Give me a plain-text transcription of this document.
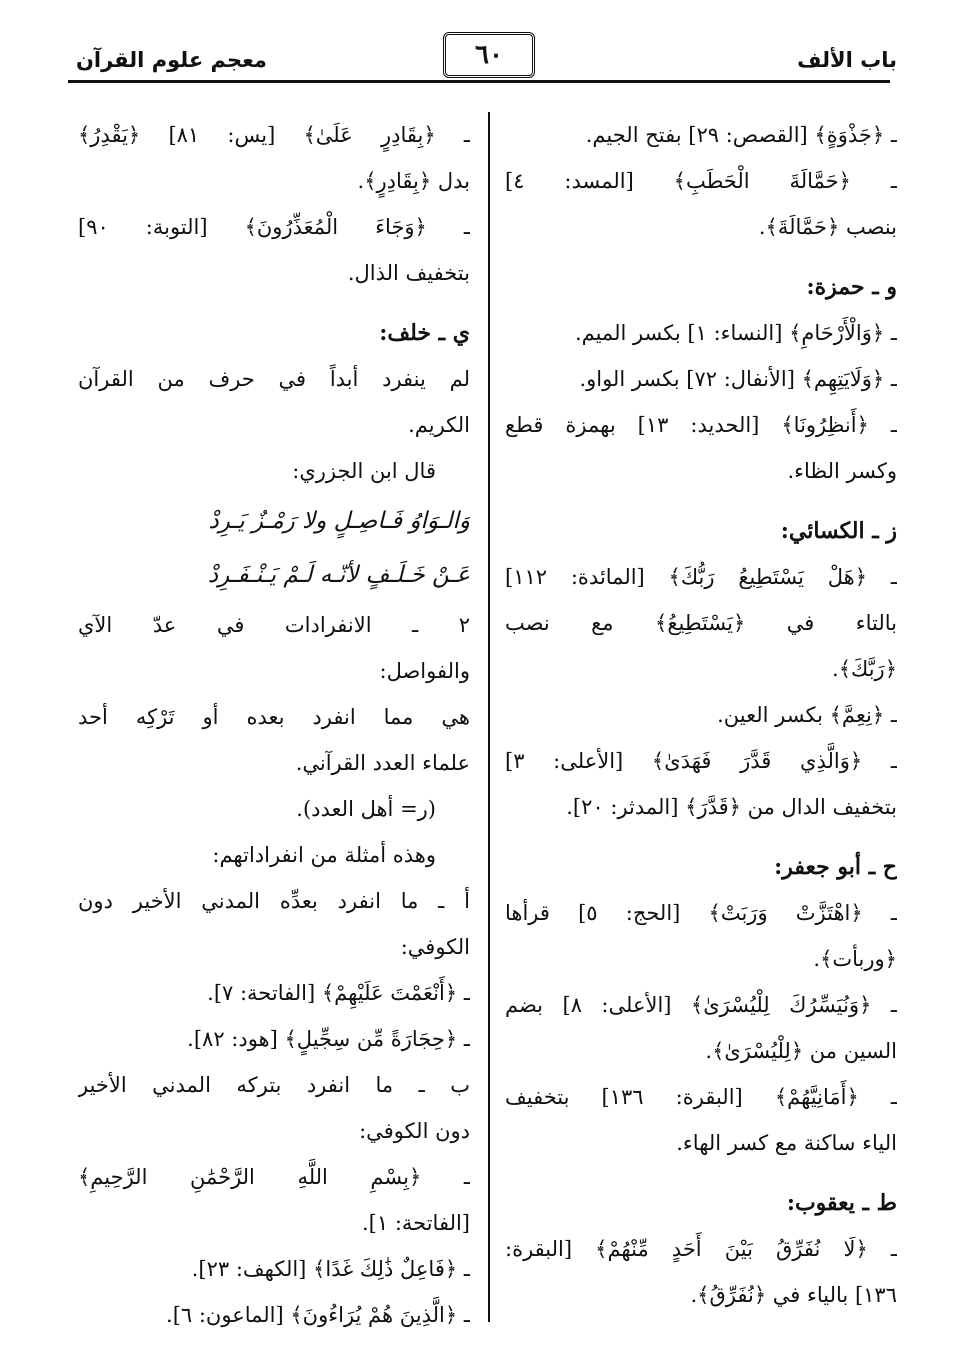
باب الألف
٦٠
معجم علوم القرآن
ـ ﴿جَذْوَةٍ﴾ [القصص: ٢٩] بفتح الجيم.
ـ ﴿حَمَّالَةَ الْحَطَبِ﴾ [المسد: ٤]
بنصب ﴿حَمَّالَةَ﴾.
و ـ حمزة:
ـ ﴿وَالْأَرْحَامِ﴾ [النساء: ١] بكسر الميم.
ـ ﴿وَلَايَتِهِم﴾ [الأنفال: ٧٢] بكسر الواو.
ـ ﴿أَنظِرُونَا﴾ [الحديد: ١٣] بهمزة قطع
وكسر الظاء.
ز ـ الكسائي:
ـ ﴿هَلْ يَسْتَطِيعُ رَبُّكَ﴾ [المائدة: ١١٢]
بالتاء في ﴿يَسْتَطِيعُ﴾ مع نصب
﴿رَبَّكَ﴾.
ـ ﴿نِعِمَّ﴾ بكسر العين.
ـ ﴿وَالَّذِي قَدَّرَ فَهَدَىٰ﴾ [الأعلى: ٣]
بتخفيف الدال من ﴿قَدَّرَ﴾ [المدثر: ٢٠].
ح ـ أبو جعفر:
ـ ﴿اهْتَزَّتْ وَرَبَتْ﴾ [الحج: ٥] قرأها
﴿وربأت﴾.
ـ ﴿وَنُيَسِّرُكَ لِلْيُسْرَىٰ﴾ [الأعلى: ٨] بضم
السين من ﴿لِلْيُسْرَىٰ﴾.
ـ ﴿أَمَانِيَّهُمْ﴾ [البقرة: ١٣٦] بتخفيف
الياء ساكنة مع كسر الهاء.
ط ـ يعقوب:
ـ ﴿لَا نُفَرِّقُ بَيْنَ أَحَدٍ مِّنْهُمْ﴾ [البقرة:
١٣٦] بالياء في ﴿نُفَرِّقُ﴾.
ـ ﴿بِقَادِرٍ عَلَىٰ﴾ [يس: ٨١] ﴿يَقْدِرُ﴾
بدل ﴿بِقَادِرٍ﴾.
ـ ﴿وَجَاءَ الْمُعَذِّرُونَ﴾ [التوبة: ٩٠]
بتخفيف الذال.
ي ـ خلف:
لم ينفرد أبداً في حرف من القرآن
الكريم.
قال ابن الجزري:
وَالـوَاوُ فَـاصِـلٍ ولا رَمْـزٌ يَـرِدْ
عَـنْ خَـلَـفٍ لأنّـه لَـمْ يَـنْـفَـرِدْ
٢ ـ الانفرادات في عدّ الآي
والفواصل:
هي مما انفرد بعده أو تَرْكِه أحد
علماء العدد القرآني.
(ر= أهل العدد).
وهذه أمثلة من انفراداتهم:
أ ـ ما انفرد بعدِّه المدني الأخير دون
الكوفي:
ـ ﴿أَنْعَمْتَ عَلَيْهِمْ﴾ [الفاتحة: ٧].
ـ ﴿حِجَارَةً مِّن سِجِّيلٍ﴾ [هود: ٨٢].
ب ـ ما انفرد بتركه المدني الأخير
دون الكوفي:
ـ ﴿بِسْمِ اللَّهِ الرَّحْمَٰنِ الرَّحِيمِ﴾
[الفاتحة: ١].
ـ ﴿فَاعِلٌ ذَٰلِكَ غَدًا﴾ [الكهف: ٢٣].
ـ ﴿الَّذِينَ هُمْ يُرَاءُونَ﴾ [الماعون: ٦].
